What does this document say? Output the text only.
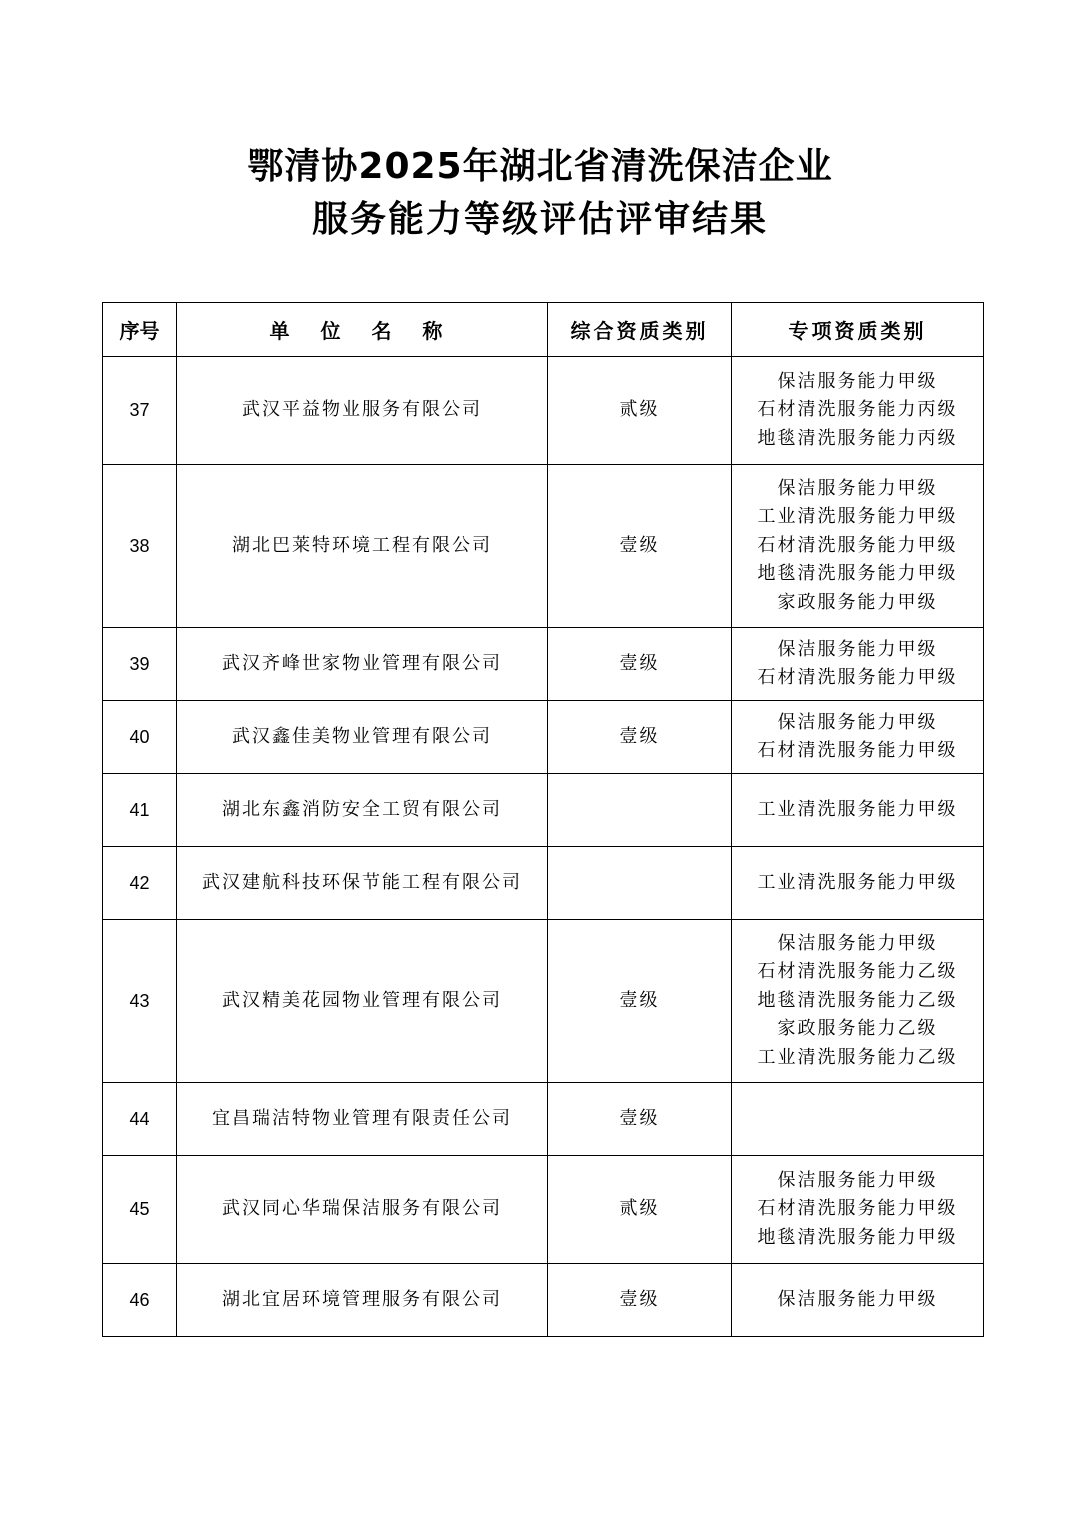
鄂清协2025年湖北省清洗保洁企业
服务能力等级评估评审结果
序号	单 位 名 称	综合资质类别	专项资质类别
37	武汉平益物业服务有限公司	贰级	保洁服务能力甲级
石材清洗服务能力丙级
地毯清洗服务能力丙级

38	湖北巴莱特环境工程有限公司	壹级	保洁服务能力甲级
工业清洗服务能力甲级
石材清洗服务能力甲级
地毯清洗服务能力甲级
家政服务能力甲级

39	武汉齐峰世家物业管理有限公司	壹级	保洁服务能力甲级
石材清洗服务能力甲级

40	武汉鑫佳美物业管理有限公司	壹级	保洁服务能力甲级
石材清洗服务能力甲级

41	湖北东鑫消防安全工贸有限公司		工业清洗服务能力甲级

42	武汉建航科技环保节能工程有限公司		工业清洗服务能力甲级

43	武汉精美花园物业管理有限公司	壹级	保洁服务能力甲级
石材清洗服务能力乙级
地毯清洗服务能力乙级
家政服务能力乙级
工业清洗服务能力乙级

44	宜昌瑞洁特物业管理有限责任公司	壹级	
45	武汉同心华瑞保洁服务有限公司	贰级	保洁服务能力甲级
石材清洗服务能力甲级
地毯清洗服务能力甲级

46	湖北宜居环境管理服务有限公司	壹级	保洁服务能力甲级
